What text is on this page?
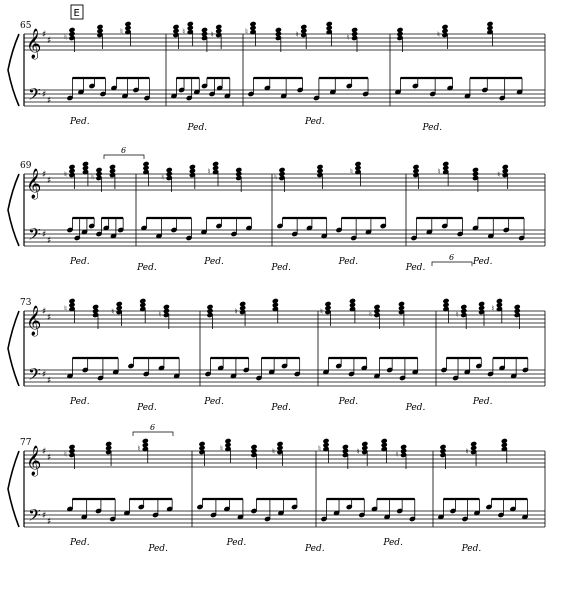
𝄞
𝄢
♯
♯
♯
♯
65
♮
♮	♮	♮	♮	♮	♮	♮
Ped.
Ped.
Ped.
Ped.
𝄞
𝄢
♯
♯
♯
♯
69
♮	♮	♮
♮
♮
♮	♮	♮
Ped.
Ped.
Ped.
Ped.
Ped.
Ped.
Ped.
𝄞
𝄢
♯
♯
♯
♯
73
♮	♮	♮	♮	♮	♮	♮
♮
Ped.
Ped.
Ped.
Ped.
Ped.
Ped.
Ped.
𝄞
𝄢
♯
♯
♯
♯
77
♮
♮	♮	♮	♮	♮	♮	♮
Ped.
Ped.
Ped.
Ped.
Ped.
Ped.
E
6
6
6
